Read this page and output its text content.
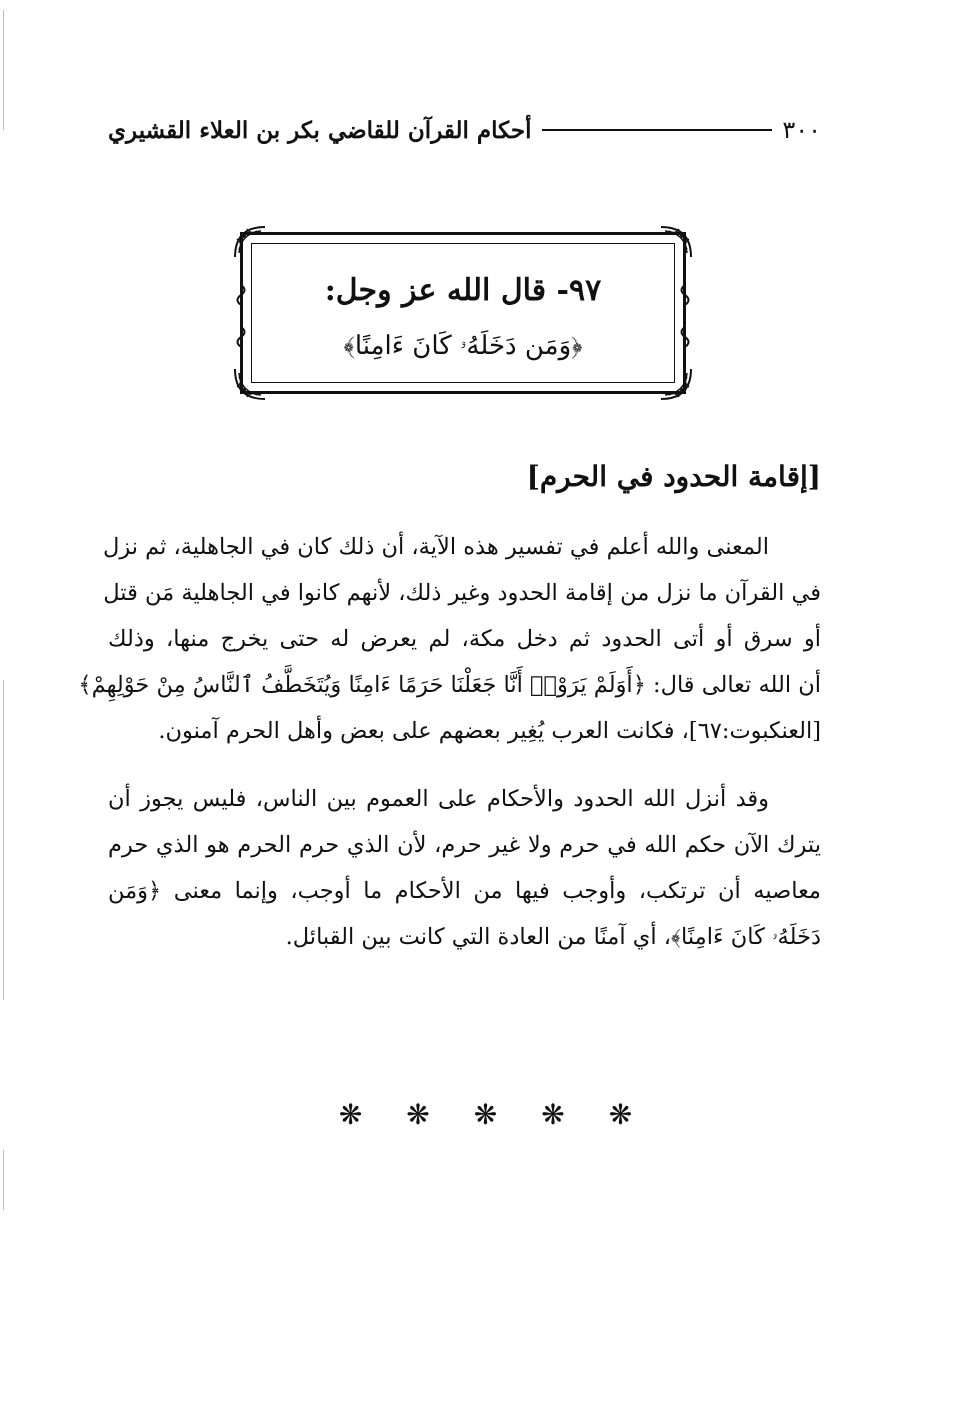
٣٠٠
أحكام القرآن للقاضي بكر بن العلاء القشيري
٩٧- قال الله عز وجل:
﴿وَمَن دَخَلَهُۥ كَانَ ءَامِنًا﴾
[إقامة الحدود في الحرم]
المعنى والله أعلم في تفسير هذه الآية، أن ذلك كان في الجاهلية، ثم نزل
في القرآن ما نزل من إقامة الحدود وغير ذلك، لأنهم كانوا في الجاهلية مَن قتل
أو سرق أو أتى الحدود ثم دخل مكة، لم يعرض له حتى يخرج منها، وذلك
أن الله تعالى قال: ﴿أَوَلَمْ يَرَوْا۟ أَنَّا جَعَلْنَا حَرَمًا ءَامِنًا وَيُتَخَطَّفُ ٱلنَّاسُ مِنْ حَوْلِهِمْ﴾
[العنكبوت:٦٧]، فكانت العرب يُغِير بعضهم على بعض وأهل الحرم آمنون.
وقد أنزل الله الحدود والأحكام على العموم بين الناس، فليس يجوز أن
يترك الآن حكم الله في حرم ولا غير حرم، لأن الذي حرم الحرم هو الذي حرم
معاصيه أن ترتكب، وأوجب فيها من الأحكام ما أوجب، وإنما معنى ﴿وَمَن
دَخَلَهُۥ كَانَ ءَامِنًا﴾، أي آمنًا من العادة التي كانت بين القبائل.
❋ ❋ ❋ ❋ ❋
